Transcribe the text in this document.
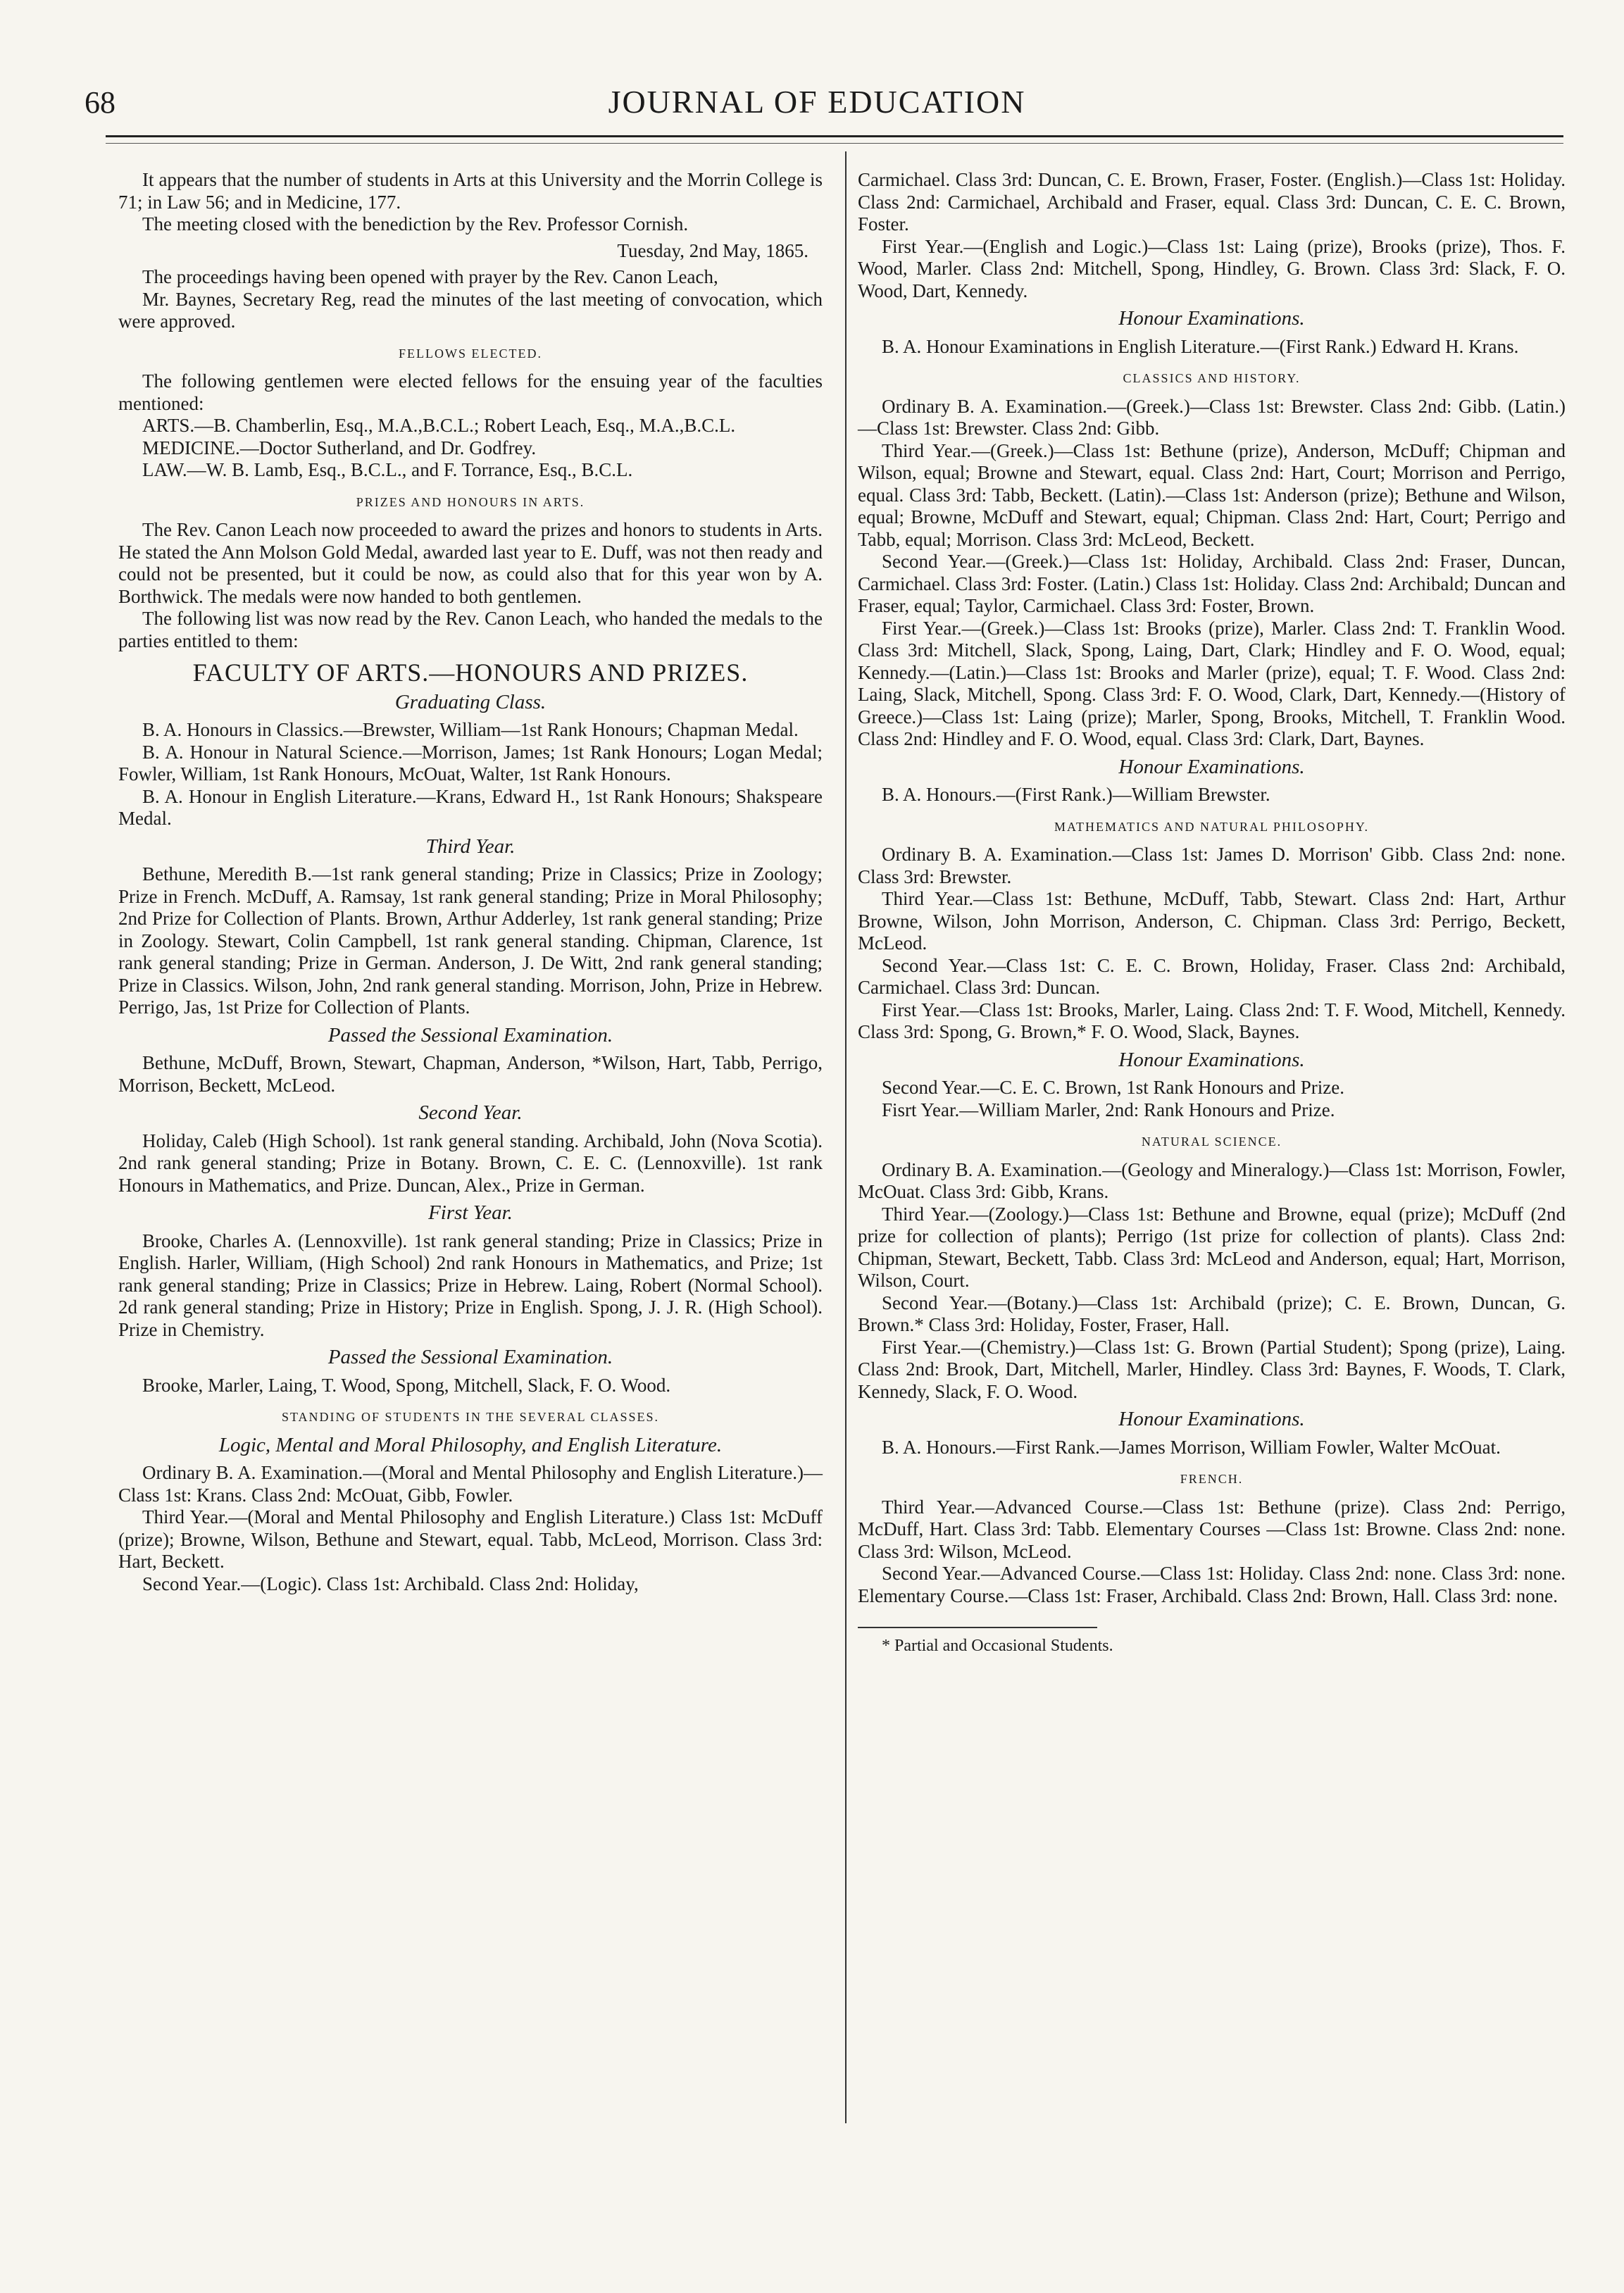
68	JOURNAL OF EDUCATION

It appears that the number of students in Arts at this University and the Morrin College is 71; in Law 56; and in Medicine, 177.

The meeting closed with the benediction by the Rev. Professor Cornish.

Tuesday, 2nd May, 1865.

The proceedings having been opened with prayer by the Rev. Canon Leach,

Mr. Baynes, Secretary Reg, read the minutes of the last meeting of convocation, which were approved.

FELLOWS ELECTED.

The following gentlemen were elected fellows for the ensuing year of the faculties mentioned:

ARTS.—B. Chamberlin, Esq., M.A.,B.C.L.; Robert Leach, Esq., M.A.,B.C.L.

MEDICINE.—Doctor Sutherland, and Dr. Godfrey.

LAW.—W. B. Lamb, Esq., B.C.L., and F. Torrance, Esq., B.C.L.

PRIZES AND HONOURS IN ARTS.

The Rev. Canon Leach now proceeded to award the prizes and honors to students in Arts. He stated the Ann Molson Gold Medal, awarded last year to E. Duff, was not then ready and could not be presented, but it could be now, as could also that for this year won by A. Borthwick. The medals were now handed to both gentlemen.

The following list was now read by the Rev. Canon Leach, who handed the medals to the parties entitled to them:

FACULTY OF ARTS.—HONOURS AND PRIZES.
Graduating Class.

B. A. Honours in Classics.—Brewster, William—1st Rank Honours; Chapman Medal.

B. A. Honour in Natural Science.—Morrison, James; 1st Rank Honours; Logan Medal; Fowler, William, 1st Rank Honours, McOuat, Walter, 1st Rank Honours.

B. A. Honour in English Literature.—Krans, Edward H., 1st Rank Honours; Shakspeare Medal.

Third Year.

Bethune, Meredith B.—1st rank general standing; Prize in Classics; Prize in Zoology; Prize in French. McDuff, A. Ramsay, 1st rank general standing; Prize in Moral Philosophy; 2nd Prize for Collection of Plants. Brown, Arthur Adderley, 1st rank general standing; Prize in Zoology. Stewart, Colin Campbell, 1st rank general standing. Chipman, Clarence, 1st rank general standing; Prize in German. Anderson, J. De Witt, 2nd rank general standing; Prize in Classics. Wilson, John, 2nd rank general standing. Morrison, John, Prize in Hebrew. Perrigo, Jas, 1st Prize for Collection of Plants.

Passed the Sessional Examination.

Bethune, McDuff, Brown, Stewart, Chapman, Anderson, *Wilson, Hart, Tabb, Perrigo, Morrison, Beckett, McLeod.

Second Year.

Holiday, Caleb (High School). 1st rank general standing. Archibald, John (Nova Scotia). 2nd rank general standing; Prize in Botany. Brown, C. E. C. (Lennoxville). 1st rank Honours in Mathematics, and Prize. Duncan, Alex., Prize in German.

First Year.

Brooke, Charles A. (Lennoxville). 1st rank general standing; Prize in Classics; Prize in English. Harler, William, (High School) 2nd rank Honours in Mathematics, and Prize; 1st rank general standing; Prize in Classics; Prize in Hebrew. Laing, Robert (Normal School). 2d rank general standing; Prize in History; Prize in English. Spong, J. J. R. (High School). Prize in Chemistry.

Passed the Sessional Examination.

Brooke, Marler, Laing, T. Wood, Spong, Mitchell, Slack, F. O. Wood.

STANDING OF STUDENTS IN THE SEVERAL CLASSES.
Logic, Mental and Moral Philosophy, and English Literature.

Ordinary B. A. Examination.—(Moral and Mental Philosophy and English Literature.)—Class 1st: Krans. Class 2nd: McOuat, Gibb, Fowler.

Third Year.—(Moral and Mental Philosophy and English Literature.) Class 1st: McDuff (prize); Browne, Wilson, Bethune and Stewart, equal. Tabb, McLeod, Morrison. Class 3rd: Hart, Beckett.

Second Year.—(Logic). Class 1st: Archibald. Class 2nd: Holiday,

Carmichael. Class 3rd: Duncan, C. E. Brown, Fraser, Foster. (English.)—Class 1st: Holiday. Class 2nd: Carmichael, Archibald and Fraser, equal. Class 3rd: Duncan, C. E. C. Brown, Foster.

First Year.—(English and Logic.)—Class 1st: Laing (prize), Brooks (prize), Thos. F. Wood, Marler. Class 2nd: Mitchell, Spong, Hindley, G. Brown. Class 3rd: Slack, F. O. Wood, Dart, Kennedy.

Honour Examinations.

B. A. Honour Examinations in English Literature.—(First Rank.) Edward H. Krans.

CLASSICS AND HISTORY.

Ordinary B. A. Examination.—(Greek.)—Class 1st: Brewster. Class 2nd: Gibb. (Latin.)—Class 1st: Brewster. Class 2nd: Gibb.

Third Year.—(Greek.)—Class 1st: Bethune (prize), Anderson, McDuff; Chipman and Wilson, equal; Browne and Stewart, equal. Class 2nd: Hart, Court; Morrison and Perrigo, equal. Class 3rd: Tabb, Beckett. (Latin).—Class 1st: Anderson (prize); Bethune and Wilson, equal; Browne, McDuff and Stewart, equal; Chipman. Class 2nd: Hart, Court; Perrigo and Tabb, equal; Morrison. Class 3rd: McLeod, Beckett.

Second Year.—(Greek.)—Class 1st: Holiday, Archibald. Class 2nd: Fraser, Duncan, Carmichael. Class 3rd: Foster. (Latin.) Class 1st: Holiday. Class 2nd: Archibald; Duncan and Fraser, equal; Taylor, Carmichael. Class 3rd: Foster, Brown.

First Year.—(Greek.)—Class 1st: Brooks (prize), Marler. Class 2nd: T. Franklin Wood. Class 3rd: Mitchell, Slack, Spong, Laing, Dart, Clark; Hindley and F. O. Wood, equal; Kennedy.—(Latin.)—Class 1st: Brooks and Marler (prize), equal; T. F. Wood. Class 2nd: Laing, Slack, Mitchell, Spong. Class 3rd: F. O. Wood, Clark, Dart, Kennedy.—(History of Greece.)—Class 1st: Laing (prize); Marler, Spong, Brooks, Mitchell, T. Franklin Wood. Class 2nd: Hindley and F. O. Wood, equal. Class 3rd: Clark, Dart, Baynes.

Honour Examinations.

B. A. Honours.—(First Rank.)—William Brewster.

MATHEMATICS AND NATURAL PHILOSOPHY.

Ordinary B. A. Examination.—Class 1st: James D. Morrison' Gibb. Class 2nd: none. Class 3rd: Brewster.

Third Year.—Class 1st: Bethune, McDuff, Tabb, Stewart. Class 2nd: Hart, Arthur Browne, Wilson, John Morrison, Anderson, C. Chipman. Class 3rd: Perrigo, Beckett, McLeod.

Second Year.—Class 1st: C. E. C. Brown, Holiday, Fraser. Class 2nd: Archibald, Carmichael. Class 3rd: Duncan.

First Year.—Class 1st: Brooks, Marler, Laing. Class 2nd: T. F. Wood, Mitchell, Kennedy. Class 3rd: Spong, G. Brown,* F. O. Wood, Slack, Baynes.

Honour Examinations.

Second Year.—C. E. C. Brown, 1st Rank Honours and Prize.

Fisrt Year.—William Marler, 2nd: Rank Honours and Prize.

NATURAL SCIENCE.

Ordinary B. A. Examination.—(Geology and Mineralogy.)—Class 1st: Morrison, Fowler, McOuat. Class 3rd: Gibb, Krans.

Third Year.—(Zoology.)—Class 1st: Bethune and Browne, equal (prize); McDuff (2nd prize for collection of plants); Perrigo (1st prize for collection of plants). Class 2nd: Chipman, Stewart, Beckett, Tabb. Class 3rd: McLeod and Anderson, equal; Hart, Morrison, Wilson, Court.

Second Year.—(Botany.)—Class 1st: Archibald (prize); C. E. Brown, Duncan, G. Brown.* Class 3rd: Holiday, Foster, Fraser, Hall.

First Year.—(Chemistry.)—Class 1st: G. Brown (Partial Student); Spong (prize), Laing. Class 2nd: Brook, Dart, Mitchell, Marler, Hindley. Class 3rd: Baynes, F. Woods, T. Clark, Kennedy, Slack, F. O. Wood.

Honour Examinations.

B. A. Honours.—First Rank.—James Morrison, William Fowler, Walter McOuat.

FRENCH.

Third Year.—Advanced Course.—Class 1st: Bethune (prize). Class 2nd: Perrigo, McDuff, Hart. Class 3rd: Tabb. Elementary Courses —Class 1st: Browne. Class 2nd: none. Class 3rd: Wilson, McLeod.

Second Year.—Advanced Course.—Class 1st: Holiday. Class 2nd: none. Class 3rd: none. Elementary Course.—Class 1st: Fraser, Archibald. Class 2nd: Brown, Hall. Class 3rd: none.

* Partial and Occasional Students.
